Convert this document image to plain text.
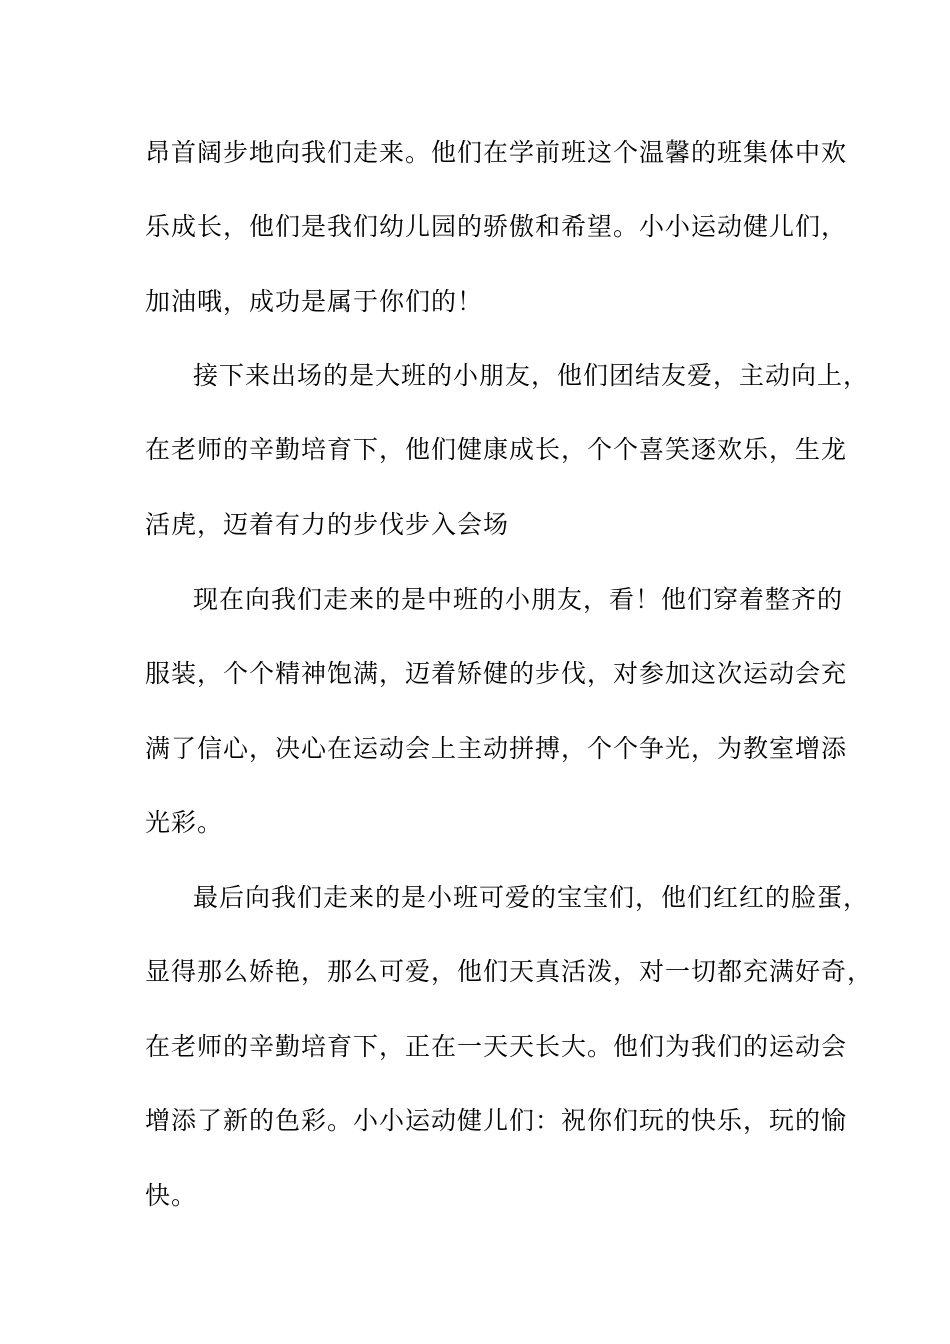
昂首阔步地向我们走来。他们在学前班这个温馨的班集体中欢
乐成长，他们是我们幼儿园的骄傲和希望。小小运动健儿们，
加油哦，成功是属于你们的！
接下来出场的是大班的小朋友，他们团结友爱，主动向上，
在老师的辛勤培育下，他们健康成长，个个喜笑逐欢乐，生龙
活虎，迈着有力的步伐步入会场
现在向我们走来的是中班的小朋友，看！他们穿着整齐的
服装，个个精神饱满，迈着矫健的步伐，对参加这次运动会充
满了信心，决心在运动会上主动拼搏，个个争光，为教室增添
光彩。
最后向我们走来的是小班可爱的宝宝们，他们红红的脸蛋，
显得那么娇艳，那么可爱，他们天真活泼，对一切都充满好奇，
在老师的辛勤培育下，正在一天天长大。他们为我们的运动会
增添了新的色彩。小小运动健儿们：祝你们玩的快乐，玩的愉
快。
